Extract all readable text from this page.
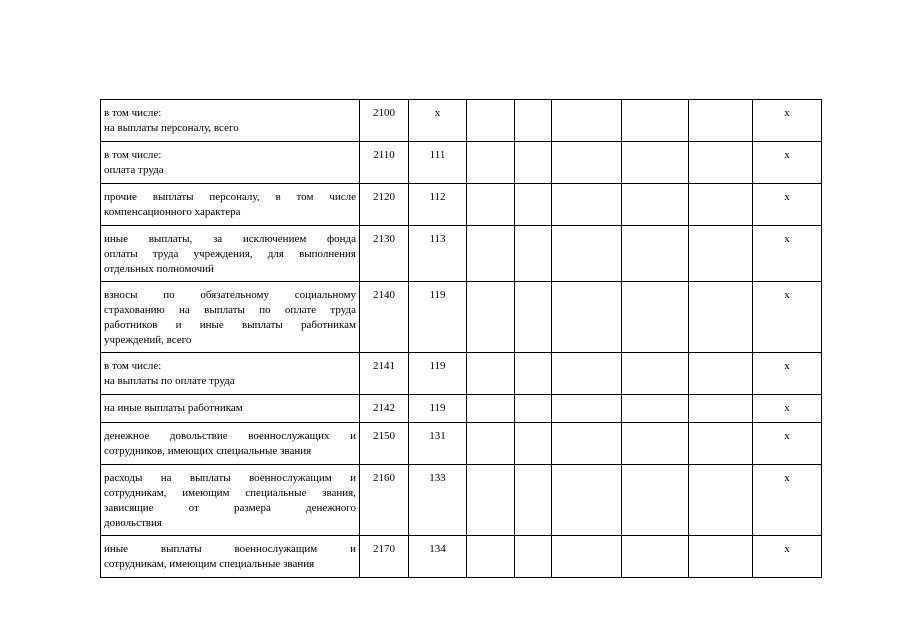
в том числе:
на выплаты персоналу, всего	2100	x						x

в том числе:
оплата труда	2110	111						x

прочие выплаты персоналу, в том числе
компенсационного характера	2120	112						x

иные выплаты, за исключением фонда
оплаты труда учреждения, для выполнения
отдельных полномочий	2130	113						x

взносы по обязательному социальному
страхованию на выплаты по оплате труда
работников и иные выплаты работникам
учреждений, всего	2140	119						x

в том числе:
на выплаты по оплате труда	2141	119						x

на иные выплаты работникам	2142	119						x

денежное довольствие военнослужащих и
сотрудников, имеющих специальные звания	2150	131						x

расходы на выплаты военнослужащим и
сотрудникам, имеющим специальные звания,
зависящие от размера денежного
довольствия	2160	133						x

иные выплаты военнослужащим и
сотрудникам, имеющим специальные звания	2170	134						x
